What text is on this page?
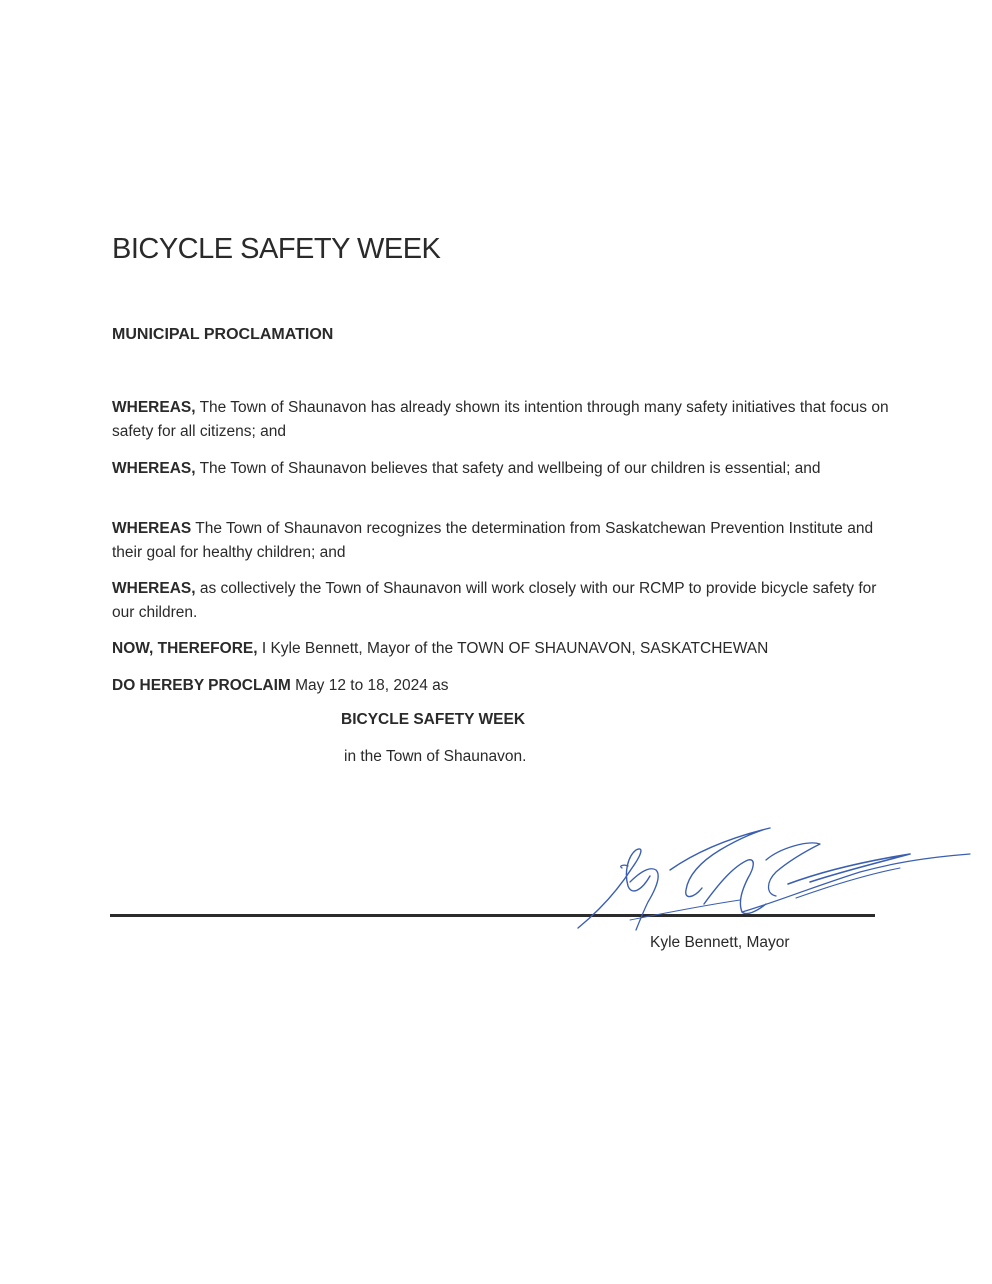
BICYCLE SAFETY WEEK

MUNICIPAL PROCLAMATION

WHEREAS, The Town of Shaunavon has already shown its intention through many safety initiatives that focus on safety for all citizens; and

WHEREAS, The Town of Shaunavon believes that safety and wellbeing of our children is essential; and

WHEREAS The Town of Shaunavon recognizes the determination from Saskatchewan Prevention Institute and their goal for healthy children; and

WHEREAS, as collectively the Town of Shaunavon will work closely with our RCMP to provide bicycle safety for our children.

NOW, THEREFORE, I Kyle Bennett, Mayor of the TOWN OF SHAUNAVON, SASKATCHEWAN

DO HEREBY PROCLAIM May 12 to 18, 2024 as

BICYCLE SAFETY WEEK

in the Town of Shaunavon.

Kyle Bennett, Mayor
